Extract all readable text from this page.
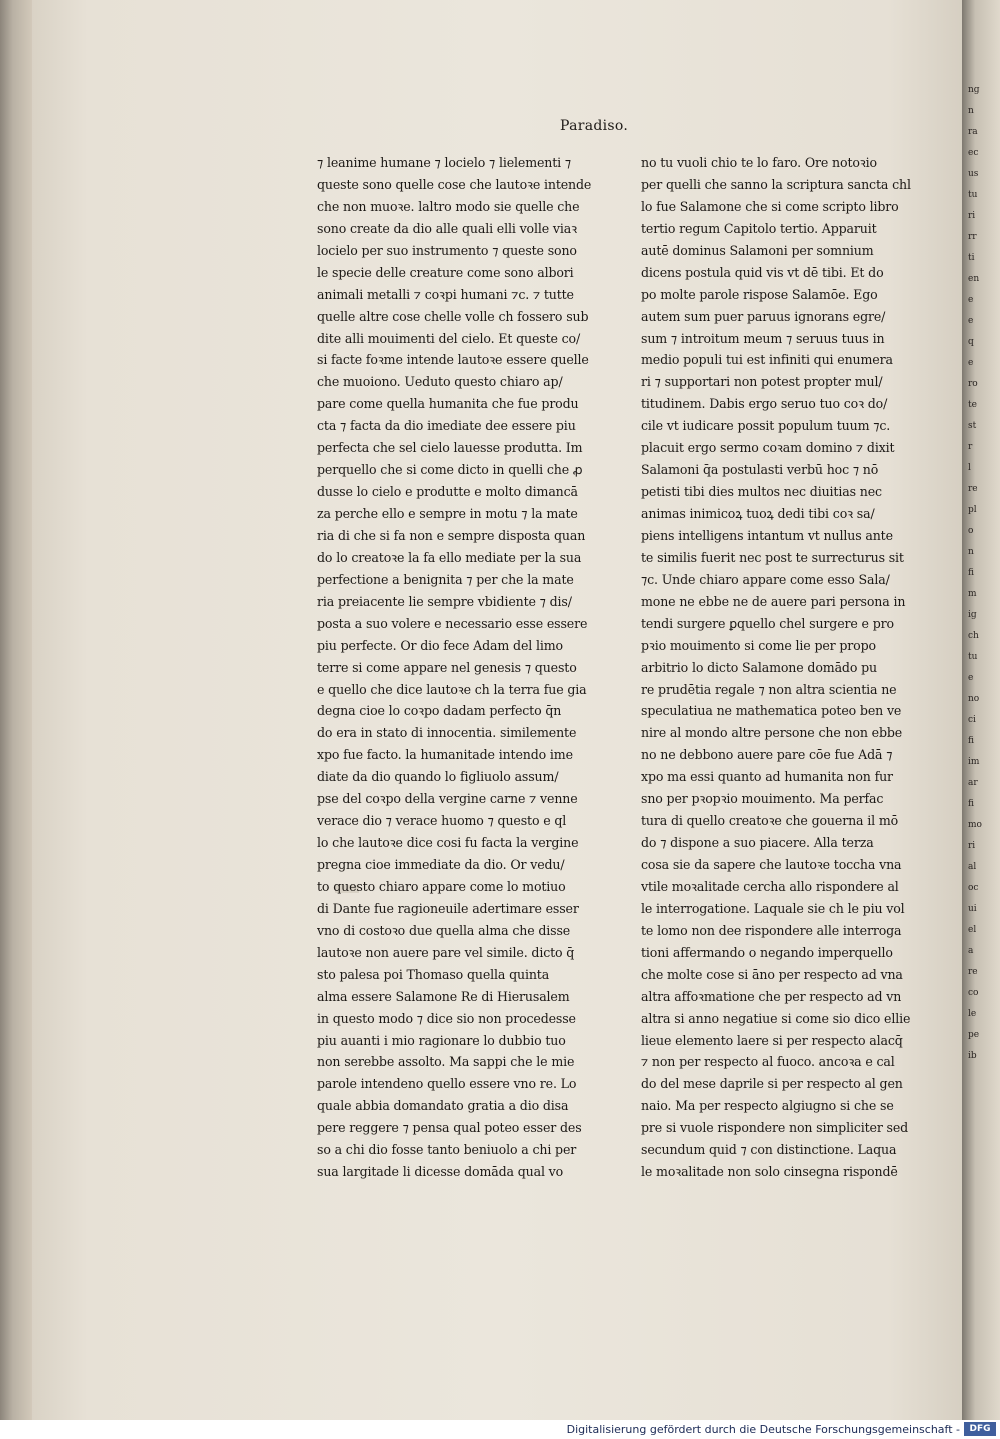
ng
n
ra
ec
us
tu
ri
rr
ti
en
e
e
q
e
ro
te
st
r
l
re
pl
o
n
fi
m
ig
ch
tu
e
no
ci
fi
im
ar
fi
mo
ri
al
oc
ui
el
a
re
co
le
pe
ib
Paradiso.
⁊ leanime humane ⁊ locielo ⁊ lielementi ⁊
queste sono quelle cose che lautoꝛe intende
che non muoꝛe. laltro modo sie quelle che
sono create da dio alle quali elli volle viaꝛ
locielo per suo instrumento ⁊ queste sono
le specie delle creature come sono albori
animali metalli ⁊ coꝛpi humani ⁊c. ⁊ tutte
quelle altre cose chelle volle ch fossero sub
dite alli mouimenti del cielo. Et queste co/
si facte foꝛme intende lautoꝛe essere quelle
che muoiono. Ueduto questo chiaro ap/
pare come quella humanita che fue produ
cta ⁊ facta da dio imediate dee essere piu
perfecta che sel cielo lauesse produtta. Im
perquello che si come dicto in quelli che ꝓ
dusse lo cielo e produtte e molto dimancā
za perche ello e sempre in motu ⁊ la mate
ria di che si fa non e sempre disposta quan
do lo creatoꝛe la fa ello mediate per la sua
perfectione a benignita ⁊ per che la mate
ria preiacente lie sempre vbidiente ⁊ dis/
posta a suo volere e necessario esse essere
piu perfecte. Or dio fece Adam del limo
terre si come appare nel genesis ⁊ questo
e quello che dice lautoꝛe ch la terra fue gia
degna cioe lo coꝛpo dadam perfecto q̄n
do era in stato di innocentia. similemente
xpo fue facto. la humanitade intendo ime
diate da dio quando lo figliuolo assum/
pse del coꝛpo della vergine carne ⁊ venne
verace dio ⁊ verace huomo ⁊ questo e ql
lo che lautoꝛe dice cosi fu facta la vergine
pregna cioe immediate da dio. Or vedu/
to questo chiaro appare come lo motiuo
di Dante fue ragioneuile adertimare esser
vno di costoꝛo due quella alma che disse
lautoꝛe non auere pare vel simile. dicto q̄
sto palesa poi Thomaso quella quinta
alma essere Salamone Re di Hierusalem
in questo modo ⁊ dice sio non procedesse
piu auanti i mio ragionare lo dubbio tuo
non serebbe assolto. Ma sappi che le mie
parole intendeno quello essere vno re. Lo
quale abbia domandato gratia a dio disa
pere reggere ⁊ pensa qual poteo esser des
so a chi dio fosse tanto beniuolo a chi per
sua largitade li dicesse domāda qual vo
no tu vuoli chio te lo faro. Ore notoꝛio
per quelli che sanno la scriptura sancta chl
lo fue Salamone che si come scripto libro
tertio regum Capitolo tertio. Apparuit
autē dominus Salamoni per somnium
dicens postula quid vis vt dē tibi. Et do
po molte parole rispose Salamōe. Ego
autem sum puer paruus ignorans egre/
sum ⁊ introitum meum ⁊ seruus tuus in
medio populi tui est infiniti qui enumera
ri ⁊ supportari non potest propter mul/
titudinem. Dabis ergo seruo tuo coꝛ do/
cile vt iudicare possit populum tuum ⁊c.
placuit ergo sermo coꝛam domino ⁊ dixit
Salamoni q̄a postulasti verbū hoc ⁊ nō
petisti tibi dies multos nec diuitias nec
animas inimicoꝝ tuoꝝ dedi tibi coꝛ sa/
piens intelligens intantum vt nullus ante
te similis fuerit nec post te surrecturus sit
⁊c. Unde chiaro appare come esso Sala/
mone ne ebbe ne de auere pari persona in
tendi surgere ꝑquello chel surgere e pro
pꝛio mouimento si come lie per propo
arbitrio lo dicto Salamone domādo pu
re prudētia regale ⁊ non altra scientia ne
speculatiua ne mathematica poteo ben ve
nire al mondo altre persone che non ebbe
no ne debbono auere pare cōe fue Adā ⁊
xpo ma essi quanto ad humanita non fur
sno per pꝛopꝛio mouimento. Ma perfac
tura di quello creatoꝛe che gouerna il mō
do ⁊ dispone a suo piacere. Alla terza
cosa sie da sapere che lautoꝛe toccha vna
vtile moꝛalitade cercha allo rispondere al
le interrogatione. Laquale sie ch le piu vol
te lomo non dee rispondere alle interroga
tioni affermando o negando imperquello
che molte cose si āno per respecto ad vna
altra affoꝛmatione che per respecto ad vn
altra si anno negatiue si come sio dico ellie
lieue elemento laere si per respecto alacq̄
⁊ non per respecto al fuoco. ancoꝛa e cal
do del mese daprile si per respecto al gen
naio. Ma per respecto algiugno si che se
pre si vuole rispondere non simpliciter sed
secundum quid ⁊ con distinctione. Laqua
le moꝛalitade non solo cinsegna rispondē
Digitalisierung gefördert durch die Deutsche Forschungsgemeinschaft -	DFG
